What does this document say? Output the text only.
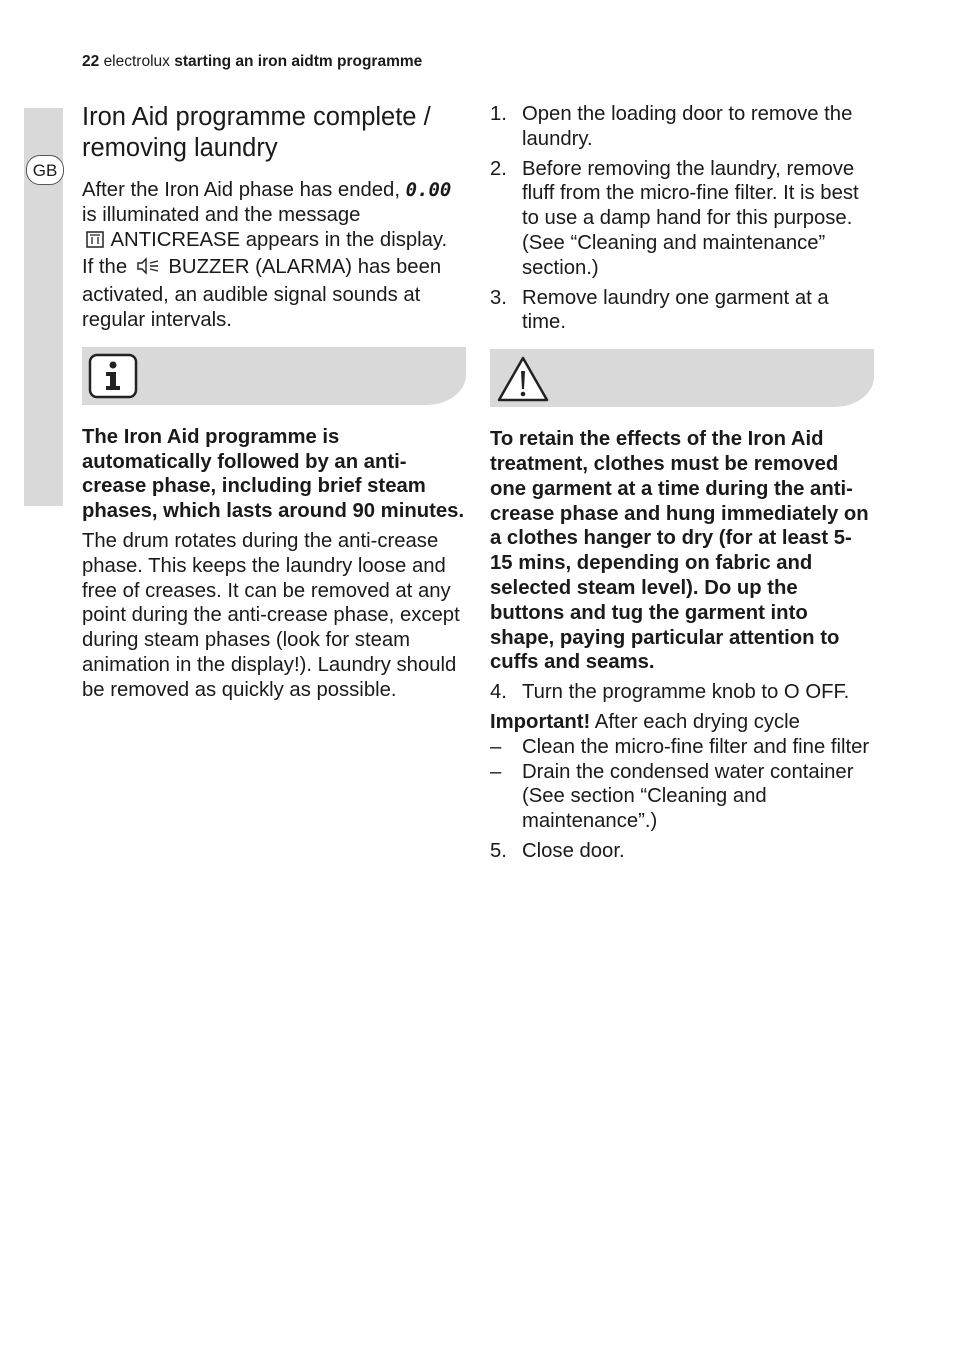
22 electrolux starting an iron aidtm programme
GB
Iron Aid programme complete / removing laundry

After the Iron Aid phase has ended, 0.00 is illuminated and the message
ANTICREASE appears in the display.
If the BUZZER (ALARMA) has been activated, an audible signal sounds at regular intervals.

The Iron Aid programme is automatically followed by an anti-crease phase, including brief steam phases, which lasts around 90 minutes.

The drum rotates during the anti-crease phase. This keeps the laundry loose and free of creases. It can be removed at any point during the anti-crease phase, except during steam phases (look for steam animation in the display!). Laundry should be removed as quickly as possible.

1. Open the loading door to remove the laundry.
2. Before removing the laundry, remove fluff from the micro-fine filter. It is best to use a damp hand for this purpose. (See “Cleaning and maintenance” section.)
3. Remove laundry one garment at a time.

To retain the effects of the Iron Aid treatment, clothes must be removed one garment at a time during the anti-crease phase and hung immediately on a clothes hanger to dry (for at least 5-15 mins, depending on fabric and selected steam level). Do up the buttons and tug the garment into shape, paying particular attention to cuffs and seams.

4. Turn the programme knob to O OFF.

Important! After each drying cycle

– Clean the micro-fine filter and fine filter
– Drain the condensed water container
(See section “Cleaning and maintenance”.)
5. Close door.
